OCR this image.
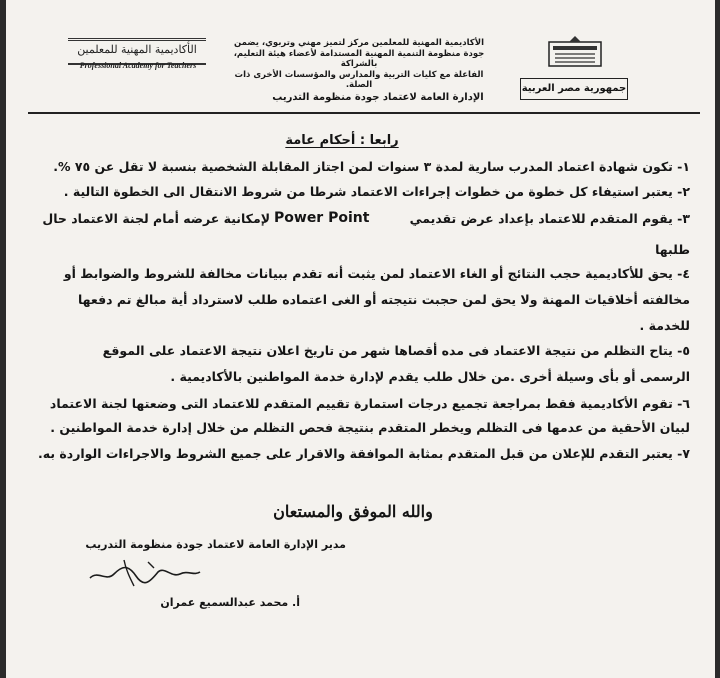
الأكاديمية المهنية للمعلمين
Professional Academy for Teachers
الأكاديمية المهنية للمعلمين مركز لتميز مهني وتربوي، يضمن
جودة منظومة التنمية المهنية المستدامة لأعضاء هيئة التعليم، بالشراكة
الفاعلة مع كليات التربية والمدارس والمؤسسات الأخرى ذات الصلة.	جمهورية مصر العربية
الإدارة العامة لاعتماد جودة منظومة التدريب
رابعا : أحكام عامة
١- تكون شهادة اعتماد المدرب سارية لمدة ٣ سنوات لمن اجتاز المقابلة الشخصية بنسبة لا تقل عن ٧٥ %.
٢- يعتبر استيفاء كل خطوة من خطوات إجراءات الاعتماد شرطا من شروط الانتقال الى الخطوة التالية .
٣- يقوم المتقدم للاعتماد بإعداد عرض تقديمي
Power Point
لإمكانية عرضه أمام لجنة الاعتماد حال
طلبها
٤- يحق للأكاديمية حجب النتائج أو الغاء الاعتماد لمن يثبت أنه تقدم ببيانات مخالفة للشروط والضوابط أو
مخالفته أخلاقيات المهنة ولا يحق لمن حجبت نتيجته أو الغى اعتماده طلب لاسترداد أية مبالغ تم دفعها
للخدمة .
٥- يتاح التظلم من نتيجة الاعتماد فى مده أقصاها شهر من تاريخ اعلان نتيجة الاعتماد على الموقع
الرسمى أو بأى وسيلة أخرى .من خلال طلب يقدم لإدارة خدمة المواطنين بالأكاديمية .
٦- تقوم الأكاديمية فقط بمراجعة تجميع درجات استمارة تقييم المتقدم للاعتماد التى وضعتها لجنة الاعتماد
لبيان الأحقية من عدمها فى التظلم ويخطر المتقدم بنتيجة فحص التظلم من خلال إدارة خدمة المواطنين .
٧- يعتبر التقدم للإعلان من قبل المتقدم بمثابة الموافقة والاقرار على جميع الشروط والاجراءات الواردة به.
والله الموفق والمستعان
مدير الإدارة العامة لاعتماد جودة منظومة التدريب
أ. محمد عبدالسميع عمران
